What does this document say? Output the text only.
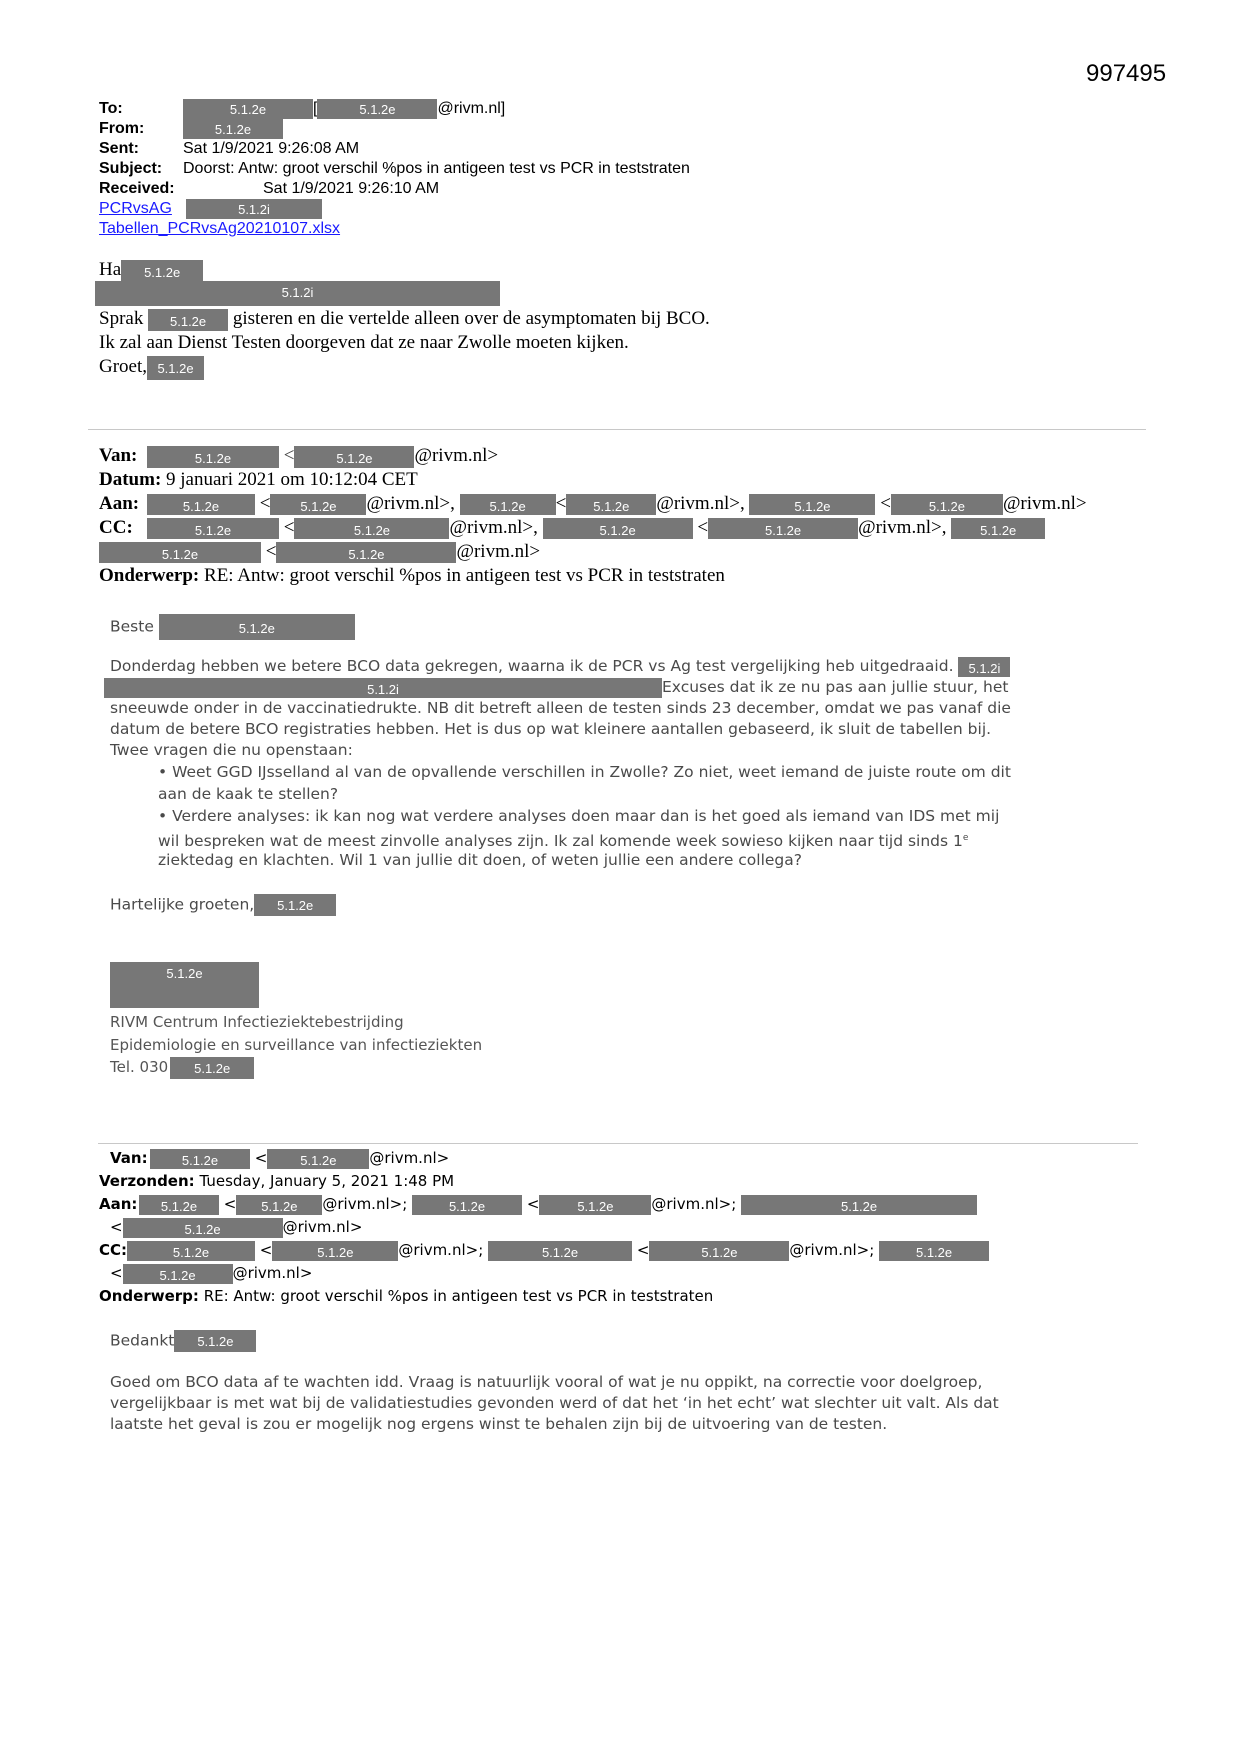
997495
To:	5.1.2e	[	5.1.2e	@rivm.nl]
From:	5.1.2e
Sent:	Sat 1/9/2021 9:26:08 AM
Subject: Doorst: Antw: groot verschil %pos in antigeen test vs PCR in teststraten
Received:	Sat 1/9/2021 9:26:10 AM
PCRvsAG	5.1.2i
Tabellen_PCRvsAg20210107.xlsx
Ha 5.1.2e
5.1.2i
Sprak 5.1.2e gisteren en die vertelde alleen over de asymptomaten bij BCO.
Ik zal aan Dienst Testen doorgeven dat ze naar Zwolle moeten kijken.
Groet, 5.1.2e
Van:	5.1.2e	<	5.1.2e @rivm.nl>
Datum: 9 januari 2021 om 10:12:04 CET
Aan:	5.1.2e < 5.1.2e @rivm.nl>,	5.1.2e < 5.1.2e @rivm.nl>,	5.1.2e	<	5.1.2e @rivm.nl>
CC:	5.1.2e	<	5.1.2e	@rivm.nl>,	5.1.2e	<	5.1.2e	@rivm.nl>,	5.1.2e
5.1.2e	<	5.1.2e	@rivm.nl>
Onderwerp: RE: Antw: groot verschil %pos in antigeen test vs PCR in teststraten
Beste	5.1.2e
Donderdag hebben we betere BCO data gekregen, waarna ik de PCR vs Ag test vergelijking heb uitgedraaid. 5.1.2i
5.1.2i	Excuses dat ik ze nu pas aan jullie stuur, het
sneeuwde onder in de vaccinatiedrukte. NB dit betreft alleen de testen sinds 23 december, omdat we pas vanaf die
datum de betere BCO registraties hebben. Het is dus op wat kleinere aantallen gebaseerd, ik sluit de tabellen bij.
Twee vragen die nu openstaan:
• Weet GGD IJsselland al van de opvallende verschillen in Zwolle? Zo niet, weet iemand de juiste route om dit
aan de kaak te stellen?
• Verdere analyses: ik kan nog wat verdere analyses doen maar dan is het goed als iemand van IDS met mij
wil bespreken wat de meest zinvolle analyses zijn. Ik zal komende week sowieso kijken naar tijd sinds 1e
ziektedag en klachten. Wil 1 van jullie dit doen, of weten jullie een andere collega?
Hartelijke groeten, 5.1.2e
5.1.2e
RIVM Centrum Infectieziektebestrijding
Epidemiologie en surveillance van infectieziekten
Tel. 030 5.1.2e
Van:	5.1.2e <	5.1.2e @rivm.nl>
Verzonden: Tuesday, January 5, 2021 1:48 PM
Aan: 5.1.2e < 5.1.2e @rivm.nl>;	5.1.2e	<	5.1.2e	@rivm.nl>;	5.1.2e
<	5.1.2e	@rivm.nl>
CC:	5.1.2e	<	5.1.2e	@rivm.nl>;	5.1.2e	<	5.1.2e	@rivm.nl>;	5.1.2e
<	5.1.2e @rivm.nl>
Onderwerp: RE: Antw: groot verschil %pos in antigeen test vs PCR in teststraten
Bedankt 5.1.2e
Goed om BCO data af te wachten idd. Vraag is natuurlijk vooral of wat je nu oppikt, na correctie voor doelgroep,
vergelijkbaar is met wat bij de validatiestudies gevonden werd of dat het ‘in het echt’ wat slechter uit valt. Als dat
laatste het geval is zou er mogelijk nog ergens winst te behalen zijn bij de uitvoering van de testen.
